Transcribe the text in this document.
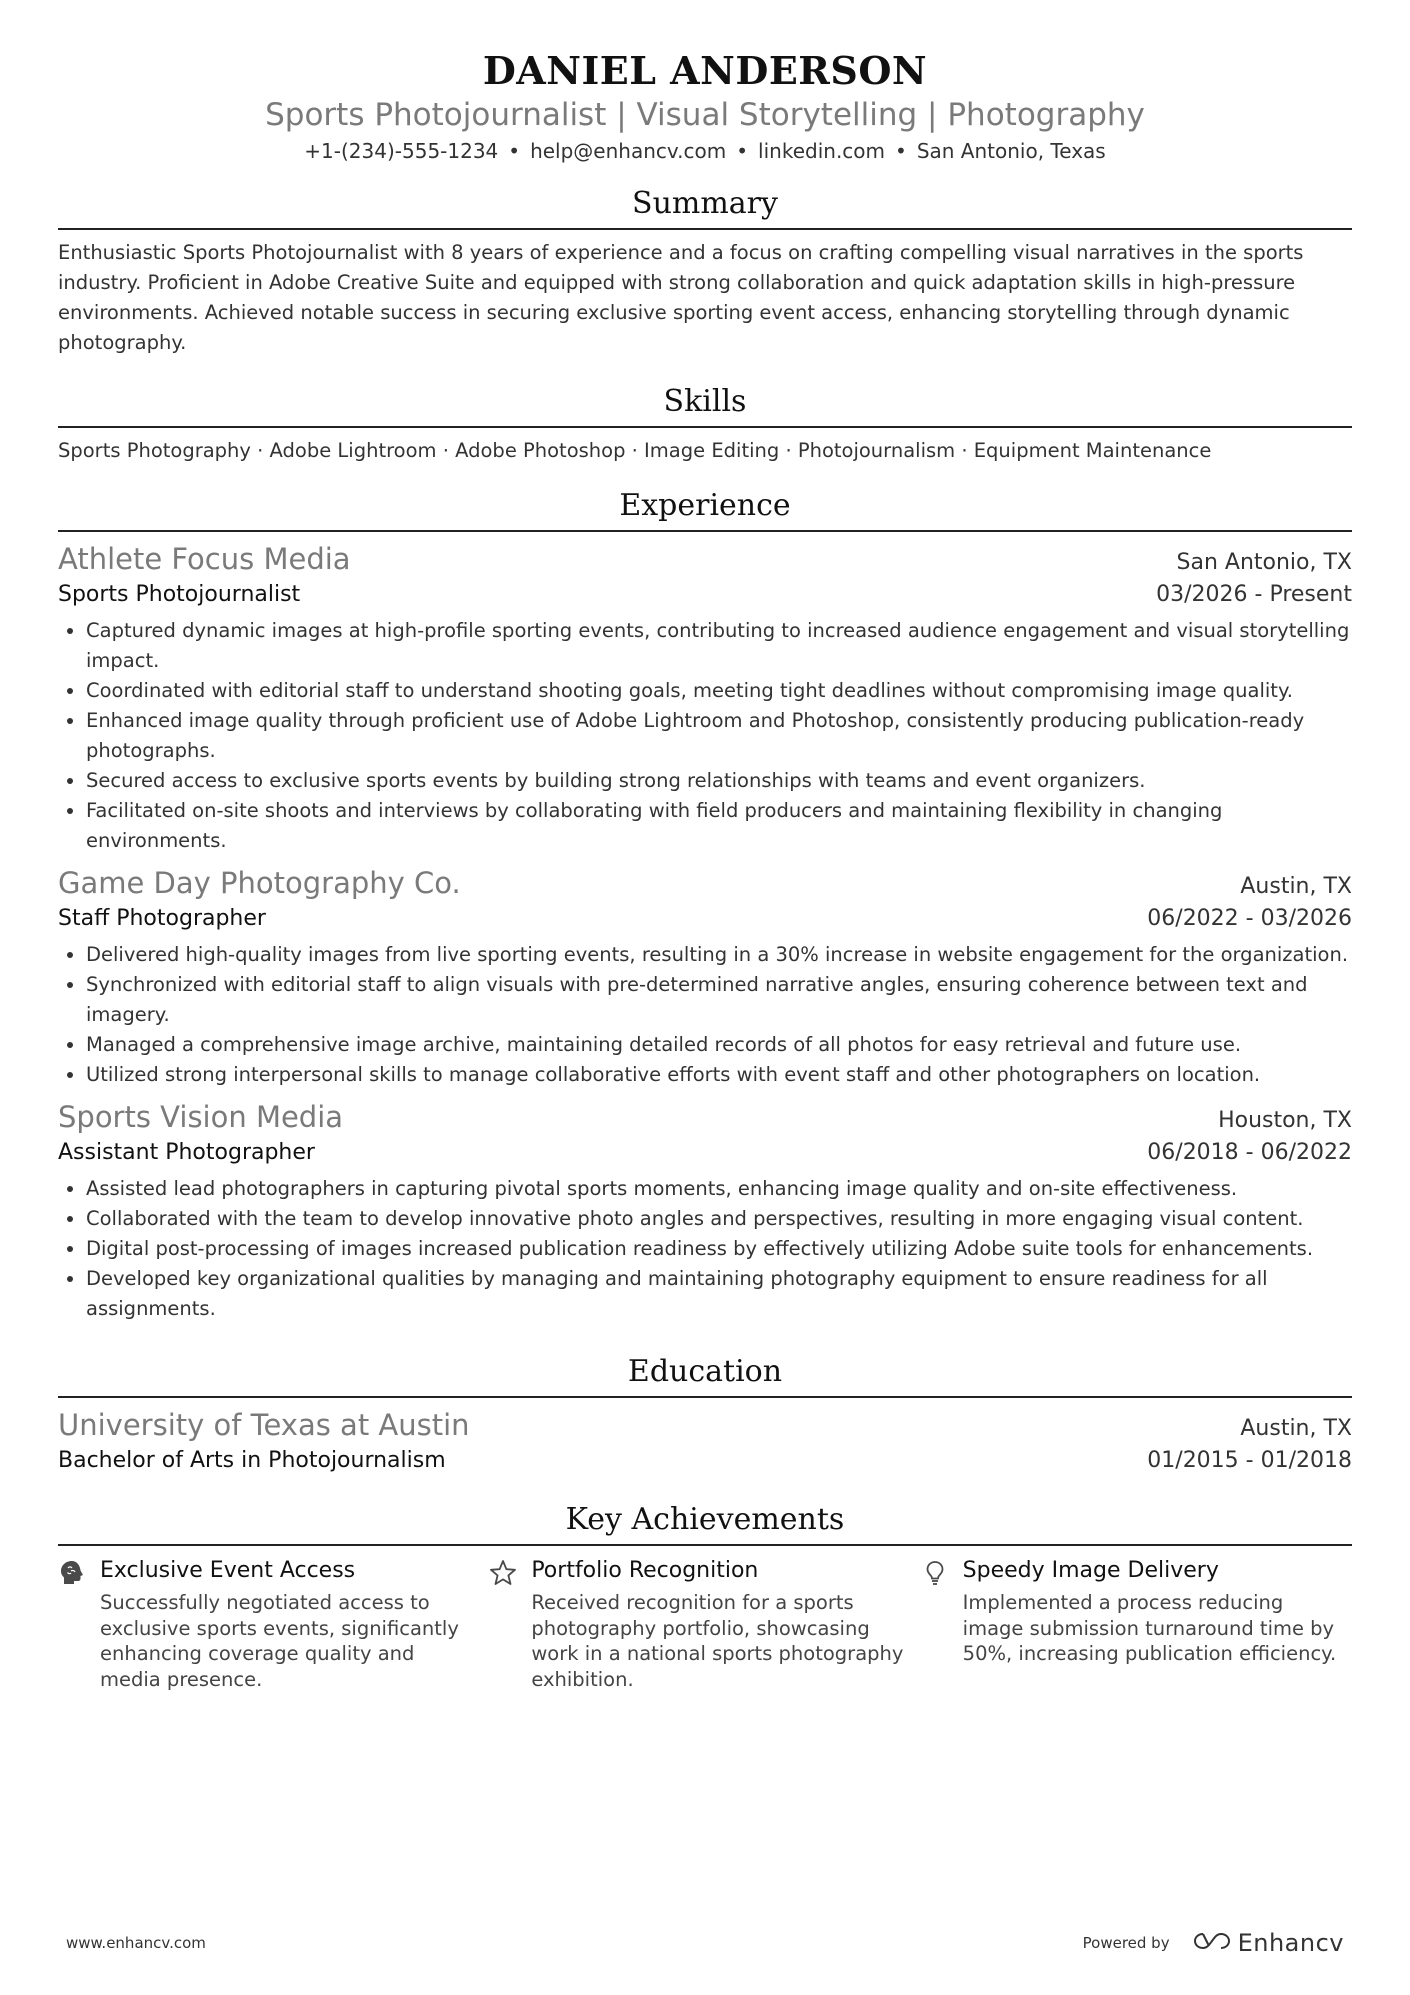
DANIEL ANDERSON
Sports Photojournalist | Visual Storytelling | Photography
+1-(234)-555-1234 • help@enhancv.com • linkedin.com • San Antonio, Texas
Summary
Enthusiastic Sports Photojournalist with 8 years of experience and a focus on crafting compelling visual narratives in the sports industry. Proficient in Adobe Creative Suite and equipped with strong collaboration and quick adaptation skills in high-pressure environments. Achieved notable success in securing exclusive sporting event access, enhancing storytelling through dynamic photography.
Skills
Sports Photography · Adobe Lightroom · Adobe Photoshop · Image Editing · Photojournalism · Equipment Maintenance
Experience
Athlete Focus Media	San Antonio, TX
Sports Photojournalist	03/2026 - Present
• Captured dynamic images at high-profile sporting events, contributing to increased audience engagement and visual storytelling impact.
• Coordinated with editorial staff to understand shooting goals, meeting tight deadlines without compromising image quality.
• Enhanced image quality through proficient use of Adobe Lightroom and Photoshop, consistently producing publication-ready photographs.
• Secured access to exclusive sports events by building strong relationships with teams and event organizers.
• Facilitated on-site shoots and interviews by collaborating with field producers and maintaining flexibility in changing environments.
Game Day Photography Co.	Austin, TX
Staff Photographer	06/2022 - 03/2026
• Delivered high-quality images from live sporting events, resulting in a 30% increase in website engagement for the organization.
• Synchronized with editorial staff to align visuals with pre-determined narrative angles, ensuring coherence between text and imagery.
• Managed a comprehensive image archive, maintaining detailed records of all photos for easy retrieval and future use.
• Utilized strong interpersonal skills to manage collaborative efforts with event staff and other photographers on location.
Sports Vision Media	Houston, TX
Assistant Photographer	06/2018 - 06/2022
• Assisted lead photographers in capturing pivotal sports moments, enhancing image quality and on-site effectiveness.
• Collaborated with the team to develop innovative photo angles and perspectives, resulting in more engaging visual content.
• Digital post-processing of images increased publication readiness by effectively utilizing Adobe suite tools for enhancements.
• Developed key organizational qualities by managing and maintaining photography equipment to ensure readiness for all assignments.
Education
University of Texas at Austin	Austin, TX
Bachelor of Arts in Photojournalism	01/2015 - 01/2018
Key Achievements
Exclusive Event Access
Successfully negotiated access to exclusive sports events, significantly enhancing coverage quality and media presence.
Portfolio Recognition
Received recognition for a sports photography portfolio, showcasing work in a national sports photography exhibition.
Speedy Image Delivery
Implemented a process reducing image submission turnaround time by 50%, increasing publication efficiency.
www.enhancv.com	Powered by	Enhancv
